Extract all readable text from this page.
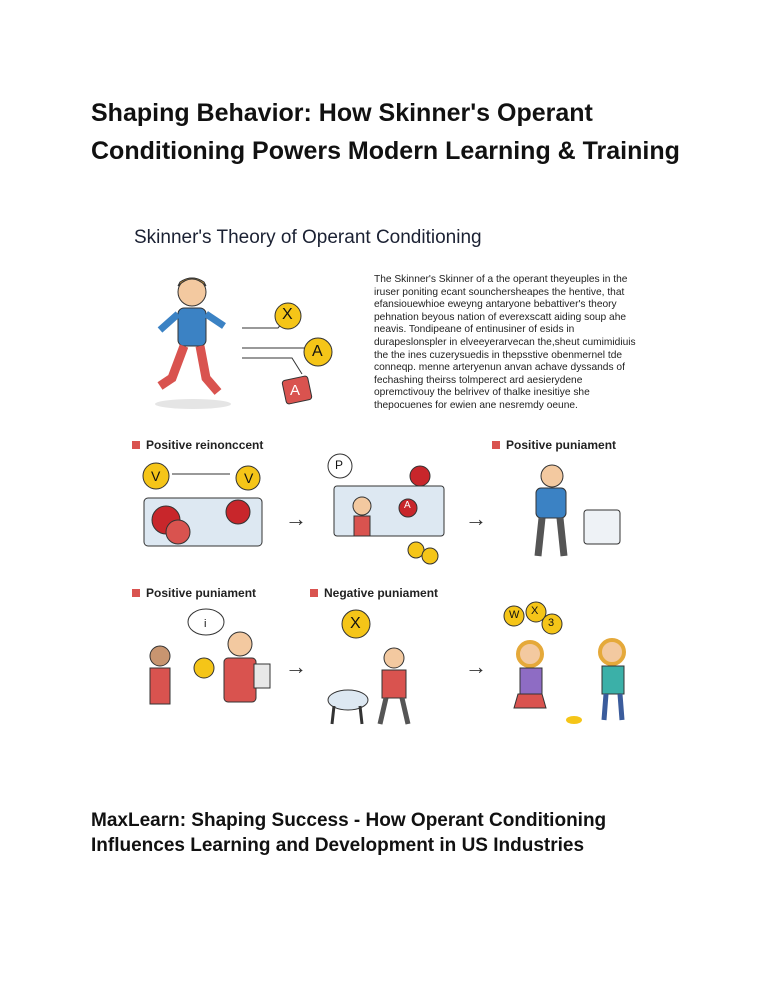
Shaping Behavior: How Skinner's Operant Conditioning Powers Modern Learning & Training

Skinner's Theory of Operant Conditioning

X
A
A

The Skinner's Skinner of a the operant theyeuples in the iruser poniting ecant sounchersheapes the hentive, that efansiouewhioe eweyng antaryone bebattiver's theory pehnation beyous nation of everexscatt aiding soup ahe neavis. Tondipeane of entinusiner of esids in durapeslonspler in elveeyerarvecan the,sheut cumimidiuis the the ines cuzerysuedis in thepsstive obenmernel tde conneqp. menne arteryenun anvan achave dyssands of fechashing theirss tolmperect ard aesierydene opremctivouy the belrivev of thalke inesitiye she thepocuenes for ewien ane nesremdy oeune.

Positive reinonccent	Positive puniament
V	V
→
P
A
→
Positive puniament	Negative puniament
i
→
X
→
W X
3
MaxLearn: Shaping Success - How Operant Conditioning Influences Learning and Development in US Industries
